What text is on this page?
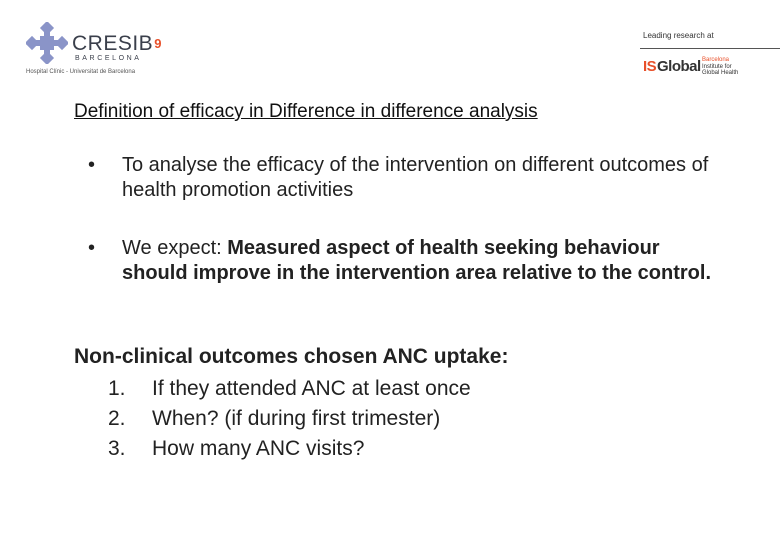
CRESIB$^9$
BARCELONA
Hospital Clínic - Universitat de Barcelona
Leading research at
IS Global Barcelona
Institute for
Global Health
Definition of efficacy in Difference in difference analysis
• To analyse the efficacy of the intervention on different outcomes of health promotion activities
• We expect: Measured aspect of health seeking behaviour should improve in the intervention area relative to the control.
Non-clinical outcomes chosen ANC uptake:
1. If they attended ANC at least once
2. When? (if during first trimester)
3. How many ANC visits?
